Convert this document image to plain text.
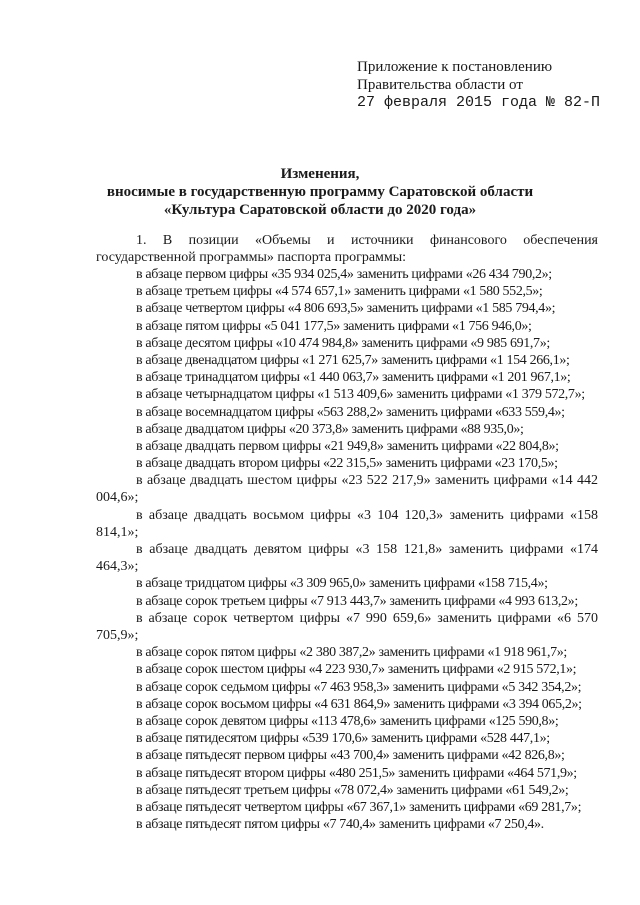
Приложение к постановлению
Правительства области от
27 февраля 2015 года № 82-П
Изменения,
вносимые в государственную программу Саратовской области
«Культура Саратовской области до 2020 года»

1. В позиции «Объемы и источники финансового обеспечения государственной программы» паспорта программы:

в абзаце первом цифры «35 934 025,4» заменить цифрами «26 434 790,2»;

в абзаце третьем цифры «4 574 657,1» заменить цифрами «1 580 552,5»;

в абзаце четвертом цифры «4 806 693,5» заменить цифрами «1 585 794,4»;

в абзаце пятом цифры «5 041 177,5» заменить цифрами «1 756 946,0»;

в абзаце десятом цифры «10 474 984,8» заменить цифрами «9 985 691,7»;

в абзаце двенадцатом цифры «1 271 625,7» заменить цифрами «1 154 266,1»;

в абзаце тринадцатом цифры «1 440 063,7» заменить цифрами «1 201 967,1»;

в абзаце четырнадцатом цифры «1 513 409,6» заменить цифрами «1 379 572,7»;

в абзаце восемнадцатом цифры «563 288,2» заменить цифрами «633 559,4»;

в абзаце двадцатом цифры «20 373,8» заменить цифрами «88 935,0»;

в абзаце двадцать первом цифры «21 949,8» заменить цифрами «22 804,8»;

в абзаце двадцать втором цифры «22 315,5» заменить цифрами «23 170,5»;

в абзаце двадцать шестом цифры «23 522 217,9» заменить цифрами «14 442 004,6»;

в абзаце двадцать восьмом цифры «3 104 120,3» заменить цифрами «158 814,1»;

в абзаце двадцать девятом цифры «3 158 121,8» заменить цифрами «174 464,3»;

в абзаце тридцатом цифры «3 309 965,0» заменить цифрами «158 715,4»;

в абзаце сорок третьем цифры «7 913 443,7» заменить цифрами «4 993 613,2»;

в абзаце сорок четвертом цифры «7 990 659,6» заменить цифрами «6 570 705,9»;

в абзаце сорок пятом цифры «2 380 387,2» заменить цифрами «1 918 961,7»;

в абзаце сорок шестом цифры «4 223 930,7» заменить цифрами «2 915 572,1»;

в абзаце сорок седьмом цифры «7 463 958,3» заменить цифрами «5 342 354,2»;

в абзаце сорок восьмом цифры «4 631 864,9» заменить цифрами «3 394 065,2»;

в абзаце сорок девятом цифры «113 478,6» заменить цифрами «125 590,8»;

в абзаце пятидесятом цифры «539 170,6» заменить цифрами «528 447,1»;

в абзаце пятьдесят первом цифры «43 700,4» заменить цифрами «42 826,8»;

в абзаце пятьдесят втором цифры «480 251,5» заменить цифрами «464 571,9»;

в абзаце пятьдесят третьем цифры «78 072,4» заменить цифрами «61 549,2»;

в абзаце пятьдесят четвертом цифры «67 367,1» заменить цифрами «69 281,7»;

в абзаце пятьдесят пятом цифры «7 740,4» заменить цифрами «7 250,4».
